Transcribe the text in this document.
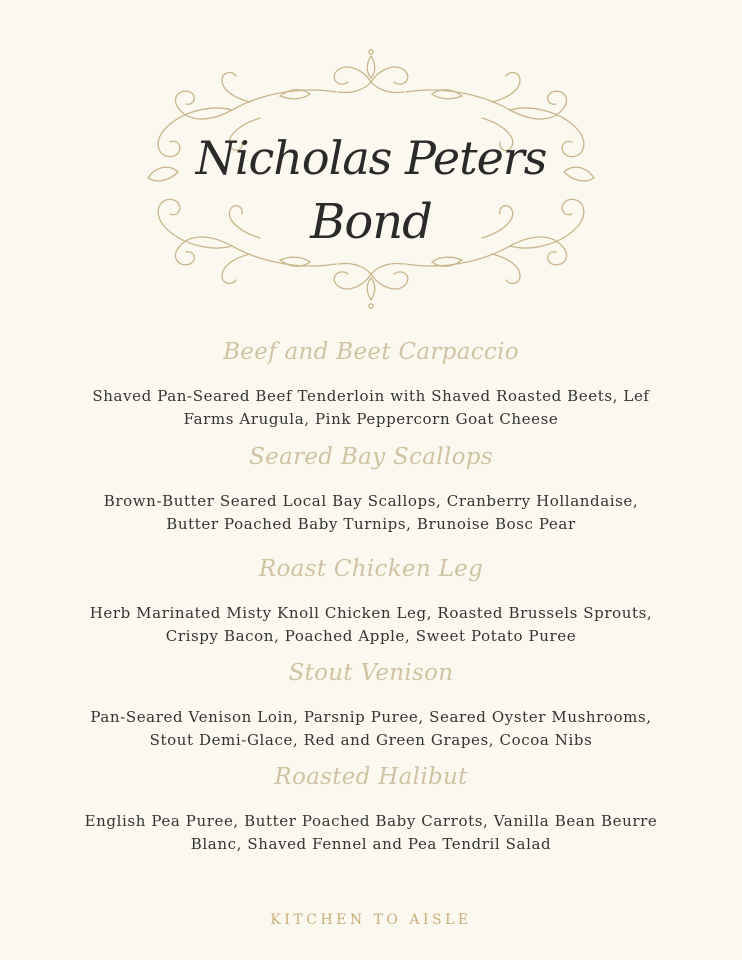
Nicholas Peters
Bond
Beef and Beet Carpaccio
Shaved Pan-Seared Beef Tenderloin with Shaved Roasted Beets, Lef
Farms Arugula, Pink Peppercorn Goat Cheese
Seared Bay Scallops
Brown-Butter Seared Local Bay Scallops, Cranberry Hollandaise,
Butter Poached Baby Turnips, Brunoise Bosc Pear
Roast Chicken Leg
Herb Marinated Misty Knoll Chicken Leg, Roasted Brussels Sprouts,
Crispy Bacon, Poached Apple, Sweet Potato Puree
Stout Venison
Pan-Seared Venison Loin, Parsnip Puree, Seared Oyster Mushrooms,
Stout Demi-Glace, Red and Green Grapes, Cocoa Nibs
Roasted Halibut
English Pea Puree, Butter Poached Baby Carrots, Vanilla Bean Beurre
Blanc, Shaved Fennel and Pea Tendril Salad
KITCHEN TO AISLE
